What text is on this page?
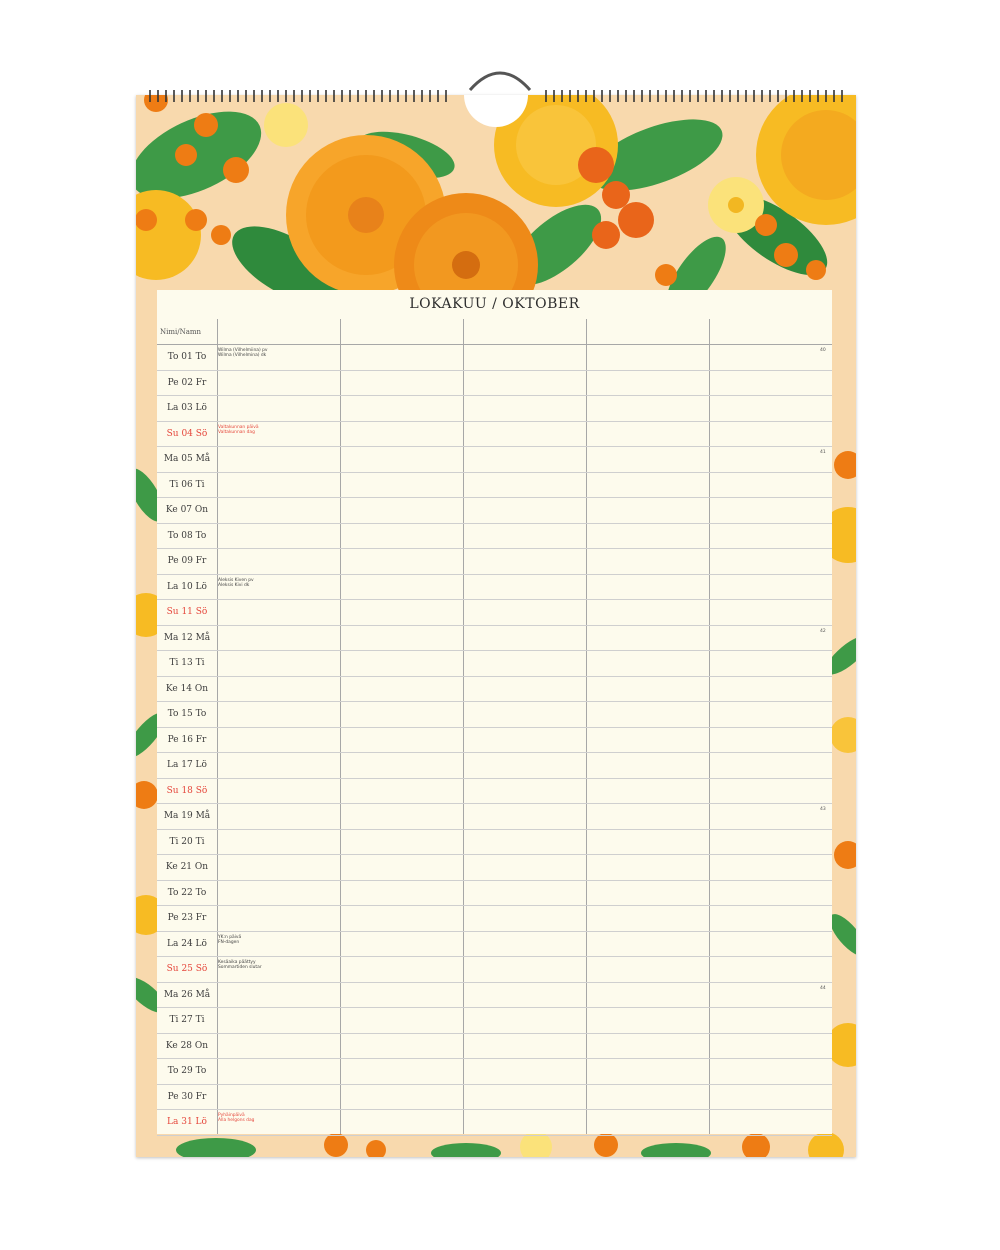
LOKAKUU / OKTOBER
Nimi/Namn
To 01 To
Wilma (Vilhelmiina) pv
Wilma (Vilhelmina) dk
Pe 02 Fr
La 03 Lö
Su 04 Sö
Valtakunnan päivä
Valtakunnan dag
Ma 05 Må
Ti 06 Ti
Ke 07 On
To 08 To
Pe 09 Fr
La 10 Lö
Aleksis Kiven pv
Aleksis Kivi dk
Su 11 Sö
Ma 12 Må
Ti 13 Ti
Ke 14 On
To 15 To
Pe 16 Fr
La 17 Lö
Su 18 Sö
Ma 19 Må
Ti 20 Ti
Ke 21 On
To 22 To
Pe 23 Fr
La 24 Lö
YK:n päivä
FN-dagen
Su 25 Sö
Kesäaika päättyy
Sommartiden slutar
Ma 26 Må
Ti 27 Ti
Ke 28 On
To 29 To
Pe 30 Fr
La 31 Lö
Pyhäinpäivä
Alla helgons dag
40
41
42
43
44
